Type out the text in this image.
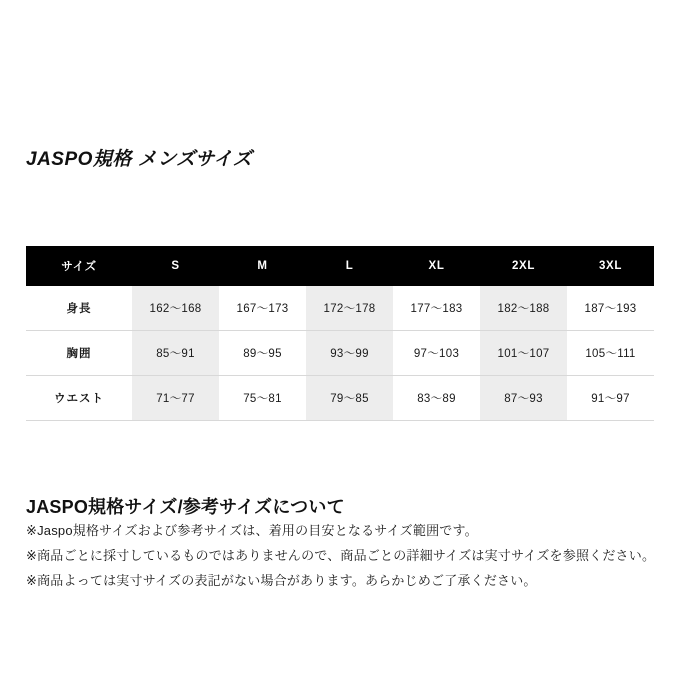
JASPO規格 メンズサイズ
サイズ	S	M	L	XL	2XL	3XL
身長	162〜168	167〜173	172〜178	177〜183	182〜188	187〜193
胸囲	85〜91	89〜95	93〜99	97〜103	101〜107	105〜111
ウエスト	71〜77	75〜81	79〜85	83〜89	87〜93	91〜97
JASPO規格サイズ/参考サイズについて
※Jaspo規格サイズおよび参考サイズは、着用の目安となるサイズ範囲です。
※商品ごとに採寸しているものではありませんので、商品ごとの詳細サイズは実寸サイズを参照ください。
※商品よっては実寸サイズの表記がない場合があります。あらかじめご了承ください。
